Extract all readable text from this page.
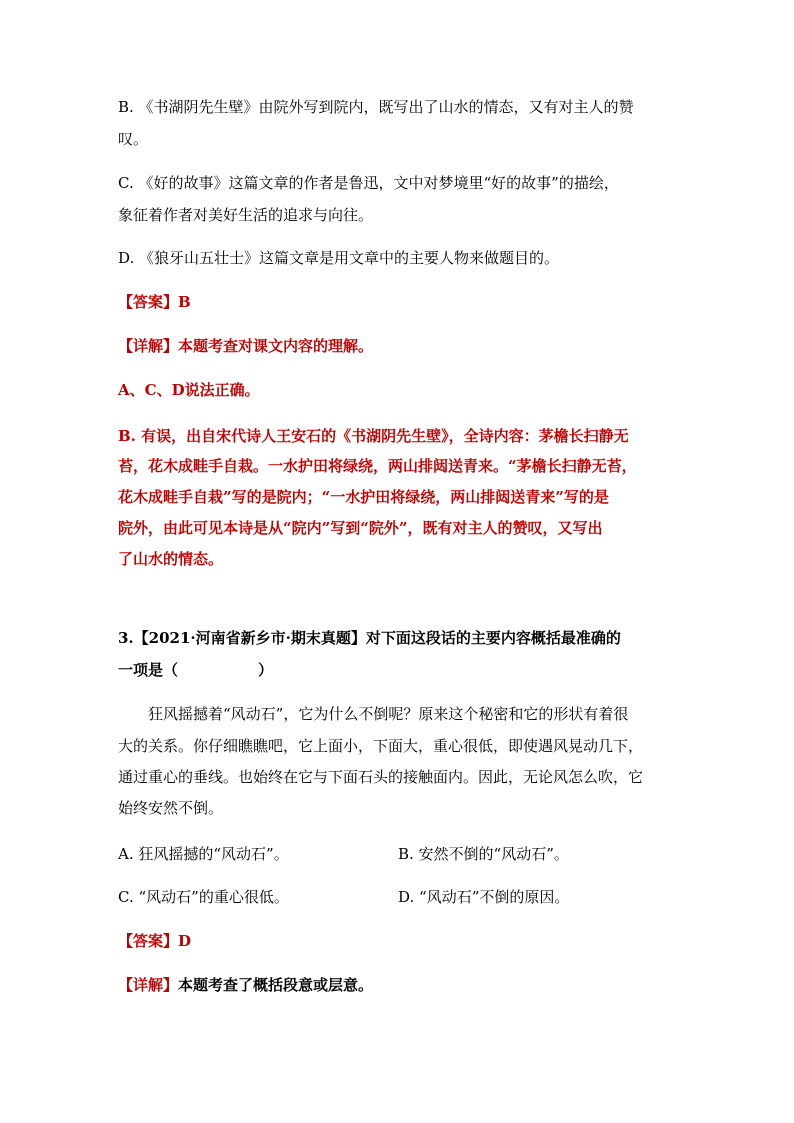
B. 《书湖阴先生壁》由院外写到院内，既写出了山水的情态，又有对主人的赞
叹。
C. 《好的故事》这篇文章的作者是鲁迅，文中对梦境里“好的故事”的描绘，
象征着作者对美好生活的追求与向往。
D. 《狼牙山五壮士》这篇文章是用文章中的主要人物来做题目的。
【答案】B
【详解】本题考查对课文内容的理解。
A、C、D说法正确。
B. 有误，出自宋代诗人王安石的《书湖阴先生壁》，全诗内容：茅檐长扫静无
苔，花木成畦手自栽。一水护田将绿绕，两山排闼送青来。“茅檐长扫静无苔，
花木成畦手自栽”写的是院内；“一水护田将绿绕，两山排闼送青来”写的是
院外，由此可见本诗是从“院内”写到“院外”，既有对主人的赞叹，又写出
了山水的情态。
3.【2021·河南省新乡市·期末真题】对下面这段话的主要内容概括最准确的
一项是（	）
狂风摇撼着“风动石”，它为什么不倒呢？原来这个秘密和它的形状有着很
大的关系。你仔细瞧瞧吧，它上面小，下面大，重心很低，即使遇风晃动几下，
通过重心的垂线。也始终在它与下面石头的接触面内。因此，无论风怎么吹，它
始终安然不倒。
A. 狂风摇撼的“风动石”。	B. 安然不倒的“风动石”。
C. “风动石”的重心很低。	D. “风动石”不倒的原因。
【答案】D
【详解】本题考查了概括段意或层意。
